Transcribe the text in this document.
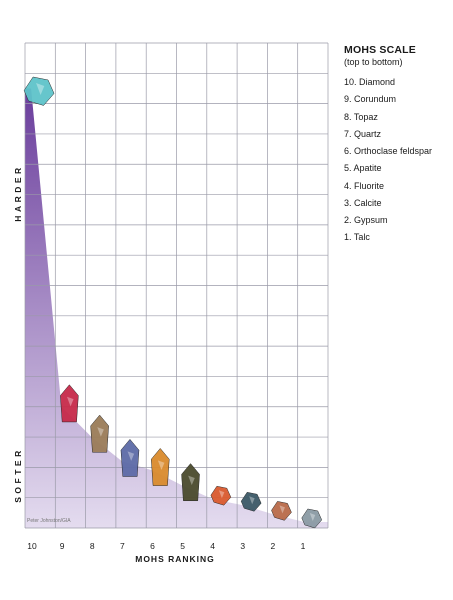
10	9	8	7	6	5	4	3	2	1
HARDER
SOFTER
Peter Johnston/GIA
MOHS RANKING
MOHS SCALE
(top to bottom)
10. Diamond
9. Corundum
8. Topaz
7. Quartz
6. Orthoclase feldspar
5. Apatite
4. Fluorite
3. Calcite
2. Gypsum
1. Talc
